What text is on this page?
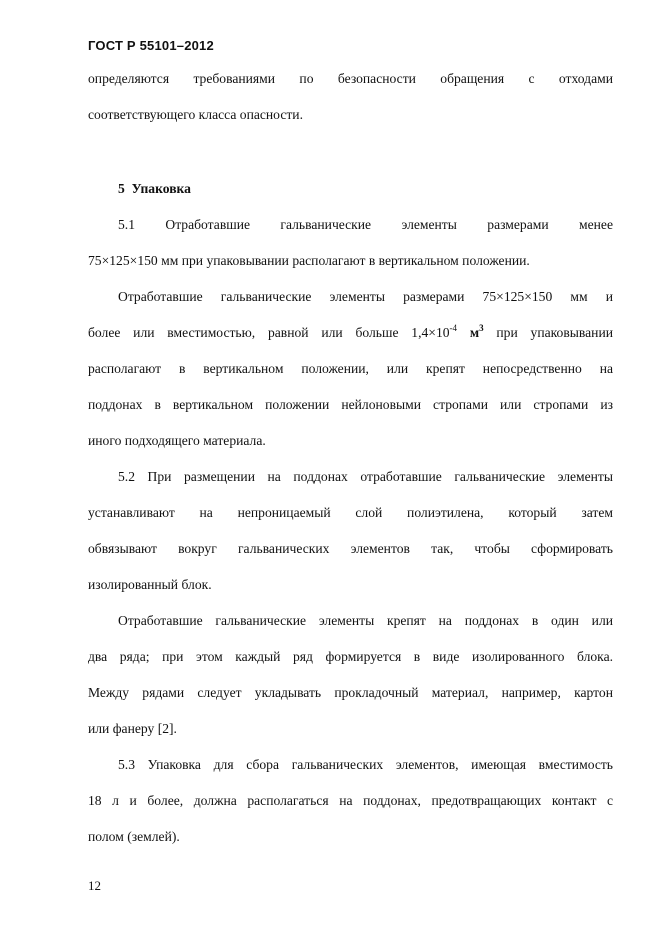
ГОСТ Р 55101–2012

определяются требованиями по безопасности обращения с отходами
соответствующего класса опасности.

5 Упаковка

5.1 Отработавшие гальванические элементы размерами менее
75×125×150 мм при упаковывании располагают в вертикальном положении.

Отработавшие гальванические элементы размерами 75×125×150 мм и
более или вместимостью, равной или больше $1,4\times 10^{-4}$ $м^3$ при упаковывании
располагают в вертикальном положении, или крепят непосредственно на
поддонах в вертикальном положении нейлоновыми стропами или стропами из
иного подходящего материала.

5.2 При размещении на поддонах отработавшие гальванические элементы
устанавливают на непроницаемый слой полиэтилена, который затем
обвязывают вокруг гальванических элементов так, чтобы сформировать
изолированный блок.

Отработавшие гальванические элементы крепят на поддонах в один или
два ряда; при этом каждый ряд формируется в виде изолированного блока.
Между рядами следует укладывать прокладочный материал, например, картон
или фанеру [2].

5.3 Упаковка для сбора гальванических элементов, имеющая вместимость
18 л и более, должна располагаться на поддонах, предотвращающих контакт с
полом (землей).

12
